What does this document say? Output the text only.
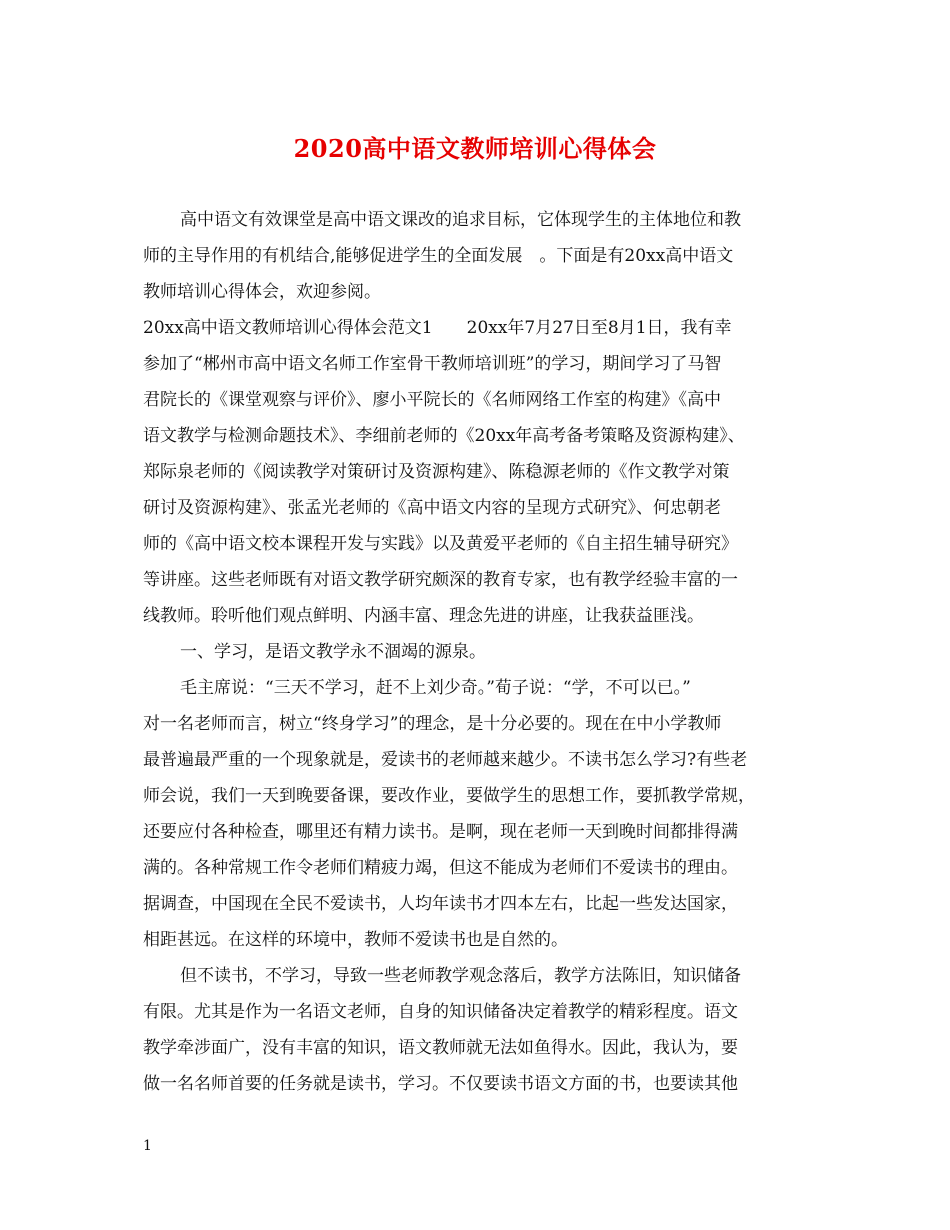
2020高中语文教师培训心得体会
高中语文有效课堂是高中语文课改的追求目标，它体现学生的主体地位和教
师的主导作用的有机结合,能够促进学生的全面发展　。下面是有20xx高中语文
教师培训心得体会，欢迎参阅。
20xx高中语文教师培训心得体会范文1　　20xx年7月27日至8月1日，我有幸
参加了“郴州市高中语文名师工作室骨干教师培训班”的学习，期间学习了马智
君院长的《课堂观察与评价》、廖小平院长的《名师网络工作室的构建》《高中
语文教学与检测命题技术》、李细前老师的《20xx年高考备考策略及资源构建》、
郑际泉老师的《阅读教学对策研讨及资源构建》、陈稳源老师的《作文教学对策
研讨及资源构建》、张孟光老师的《高中语文内容的呈现方式研究》、何忠朝老
师的《高中语文校本课程开发与实践》以及黄爱平老师的《自主招生辅导研究》
等讲座。这些老师既有对语文教学研究颇深的教育专家，也有教学经验丰富的一
线教师。聆听他们观点鲜明、内涵丰富、理念先进的讲座，让我获益匪浅。
一、学习，是语文教学永不涸竭的源泉。
毛主席说：“三天不学习，赶不上刘少奇。”荀子说：“学，不可以已。”
对一名老师而言，树立“终身学习”的理念，是十分必要的。现在在中小学教师
最普遍最严重的一个现象就是，爱读书的老师越来越少。不读书怎么学习?有些老
师会说，我们一天到晚要备课，要改作业，要做学生的思想工作，要抓教学常规，
还要应付各种检查，哪里还有精力读书。是啊，现在老师一天到晚时间都排得满
满的。各种常规工作令老师们精疲力竭，但这不能成为老师们不爱读书的理由。
据调查，中国现在全民不爱读书，人均年读书才四本左右，比起一些发达国家，
相距甚远。在这样的环境中，教师不爱读书也是自然的。
但不读书，不学习，导致一些老师教学观念落后，教学方法陈旧，知识储备
有限。尤其是作为一名语文老师，自身的知识储备决定着教学的精彩程度。语文
教学牵涉面广，没有丰富的知识，语文教师就无法如鱼得水。因此，我认为，要
做一名名师首要的任务就是读书，学习。不仅要读书语文方面的书，也要读其他
1
